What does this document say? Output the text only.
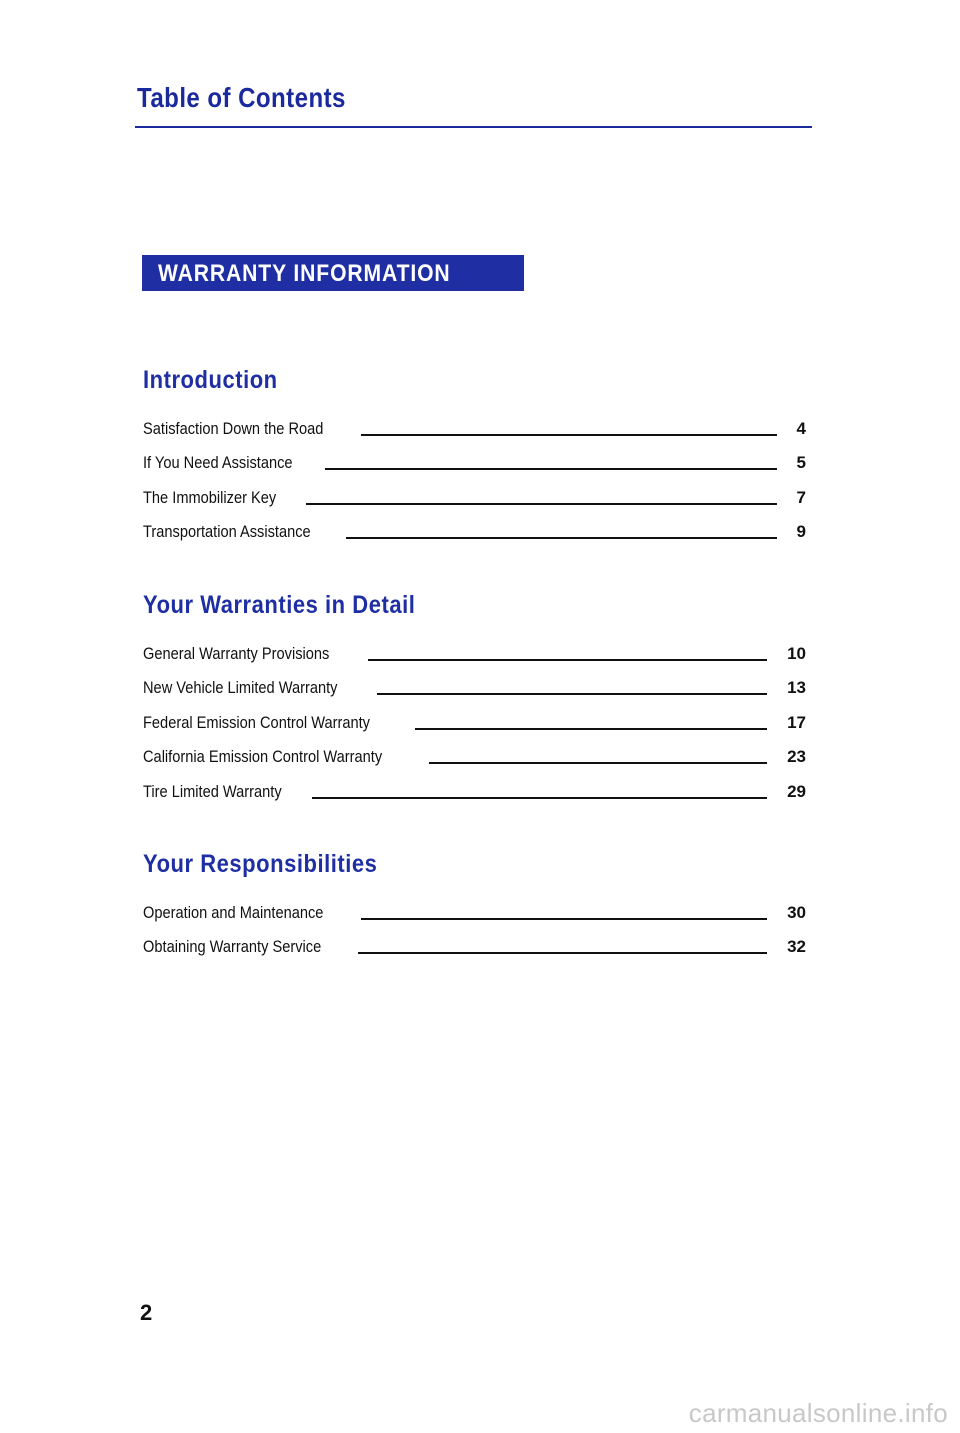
Table of Contents
WARRANTY INFORMATION
Introduction
Satisfaction Down the Road	4
If You Need Assistance	5
The Immobilizer Key	7
Transportation Assistance	9
Your Warranties in Detail
General Warranty Provisions	10
New Vehicle Limited Warranty	13
Federal Emission Control Warranty	17
California Emission Control Warranty	23
Tire Limited Warranty	29
Your Responsibilities
Operation and Maintenance	30
Obtaining Warranty Service	32
2
carmanualsonline.info
